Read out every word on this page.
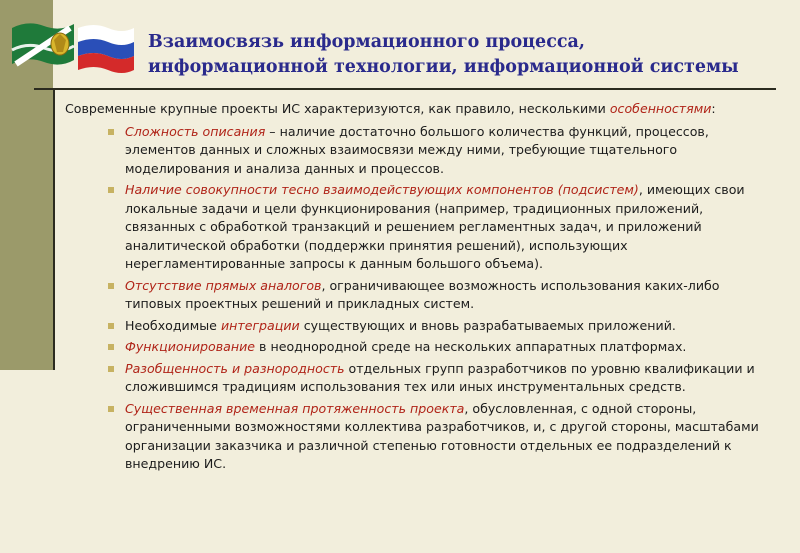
Взаимосвязь информационного процесса, информационной технологии, информационной системы

Современные крупные проекты ИС характеризуются, как правило, несколькими особенностями:

Сложность описания – наличие достаточно большого количества функций, процессов, элементов данных и сложных взаимосвязи между ними, требующие тщательного моделирования и анализа данных и процессов.
Наличие совокупности тесно взаимодействующих компонентов (подсистем), имеющих свои локальные задачи и цели функционирования (например, традиционных приложений, связанных с обработкой транзакций и решением регламентных задач, и приложений аналитической обработки (поддержки принятия решений), использующих нерегламентированные запросы к данным большого объема).
Отсутствие прямых аналогов, ограничивающее возможность использования каких-либо типовых проектных решений и прикладных систем.
Необходимые интеграции существующих и вновь разрабатываемых приложений.
Функционирование в неоднородной среде на нескольких аппаратных платформах.
Разобщенность и разнородность отдельных групп разработчиков по уровню квалификации и сложившимся традициям использования тех или иных инструментальных средств.
Существенная временная протяженность проекта, обусловленная, с одной стороны, ограниченными возможностями коллектива разработчиков, и, с другой стороны, масштабами организации заказчика и различной степенью готовности отдельных ее подразделений к внедрению ИС.
